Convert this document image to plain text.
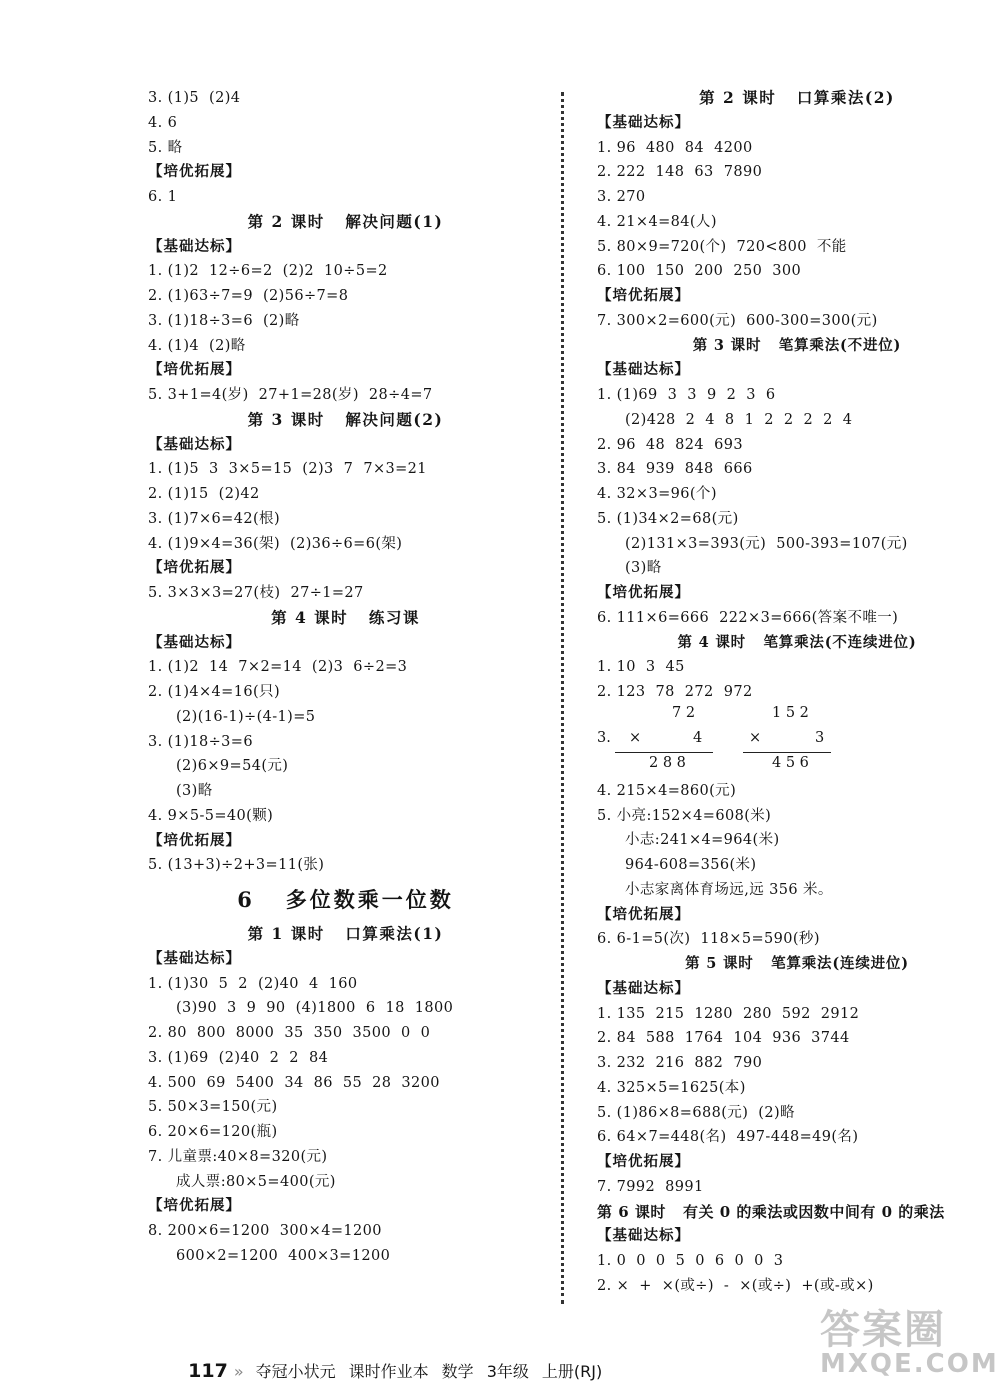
3. (1)5  (2)4
4. 6
5. 略
【培优拓展】
6. 1
第 2 课时   解决问题(1)
【基础达标】
1. (1)2  12÷6=2  (2)2  10÷5=2
2. (1)63÷7=9  (2)56÷7=8
3. (1)18÷3=6  (2)略
4. (1)4  (2)略
【培优拓展】
5. 3+1=4(岁)  27+1=28(岁)  28÷4=7
第 3 课时   解决问题(2)
【基础达标】
1. (1)5  3  3×5=15  (2)3  7  7×3=21
2. (1)15  (2)42
3. (1)7×6=42(根)
4. (1)9×4=36(架)  (2)36÷6=6(架)
【培优拓展】
5. 3×3×3=27(枝)  27÷1=27
第 4 课时   练习课
【基础达标】
1. (1)2  14  7×2=14  (2)3  6÷2=3
2. (1)4×4=16(只)
(2)(16-1)÷(4-1)=5
3. (1)18÷3=6
(2)6×9=54(元)
(3)略
4. 9×5-5=40(颗)
【培优拓展】
5. (13+3)÷2+3=11(张)
6   多位数乘一位数
第 1 课时   口算乘法(1)
【基础达标】
1. (1)30  5  2  (2)40  4  160
(3)90  3  9  90  (4)1800  6  18  1800
2. 80  800  8000  35  350  3500  0  0
3. (1)69  (2)40  2  2  84
4. 500  69  5400  34  86  55  28  3200
5. 50×3=150(元)
6. 20×6=120(瓶)
7. 儿童票:40×8=320(元)
成人票:80×5=400(元)
【培优拓展】
8. 200×6=1200  300×4=1200
600×2=1200  400×3=1200
第 2 课时   口算乘法(2)
【基础达标】
1. 96  480  84  4200
2. 222  148  63  7890
3. 270
4. 21×4=84(人)
5. 80×9=720(个)  720<800  不能
6. 100  150  200  250  300
【培优拓展】
7. 300×2=600(元)  600-300=300(元)
第 3 课时   笔算乘法(不进位)
【基础达标】
1. (1)69  3  3  9  2  3  6
(2)428  2  4  8  1  2  2  2  2  4
2. 96  48  824  693
3. 84  939  848  666
4. 32×3=96(个)
5. (1)34×2=68(元)
(2)131×3=393(元)  500-393=107(元)
(3)略
【培优拓展】
6. 111×6=666  222×3=666(答案不唯一)
第 4 课时   笔算乘法(不连续进位)
1. 10  3  45
2. 123  78  272  972
3.
7 2
×	4
2 8 8
1 5 2
×	3
4 5 6
4. 215×4=860(元)
5. 小亮:152×4=608(米)
小志:241×4=964(米)
964-608=356(米)
小志家离体育场远,远 356 米。
【培优拓展】
6. 6-1=5(次)  118×5=590(秒)
第 5 课时   笔算乘法(连续进位)
【基础达标】
1. 135  215  1280  280  592  2912
2. 84  588  1764  104  936  3744
3. 232  216  882  790
4. 325×5=1625(本)
5. (1)86×8=688(元)  (2)略
6. 64×7=448(名)  497-448=49(名)
【培优拓展】
7. 7992  8991
第 6 课时   有关 0 的乘法或因数中间有 0 的乘法
【基础达标】
1. 0  0  0  5  0  6  0  0  3
2. ×  +  ×(或÷)  -  ×(或÷)  +(或-或×)

117 » 夺冠小状元 课时作业本 数学 3年级 上册(RJ)

答案圈
MXQE.COM
